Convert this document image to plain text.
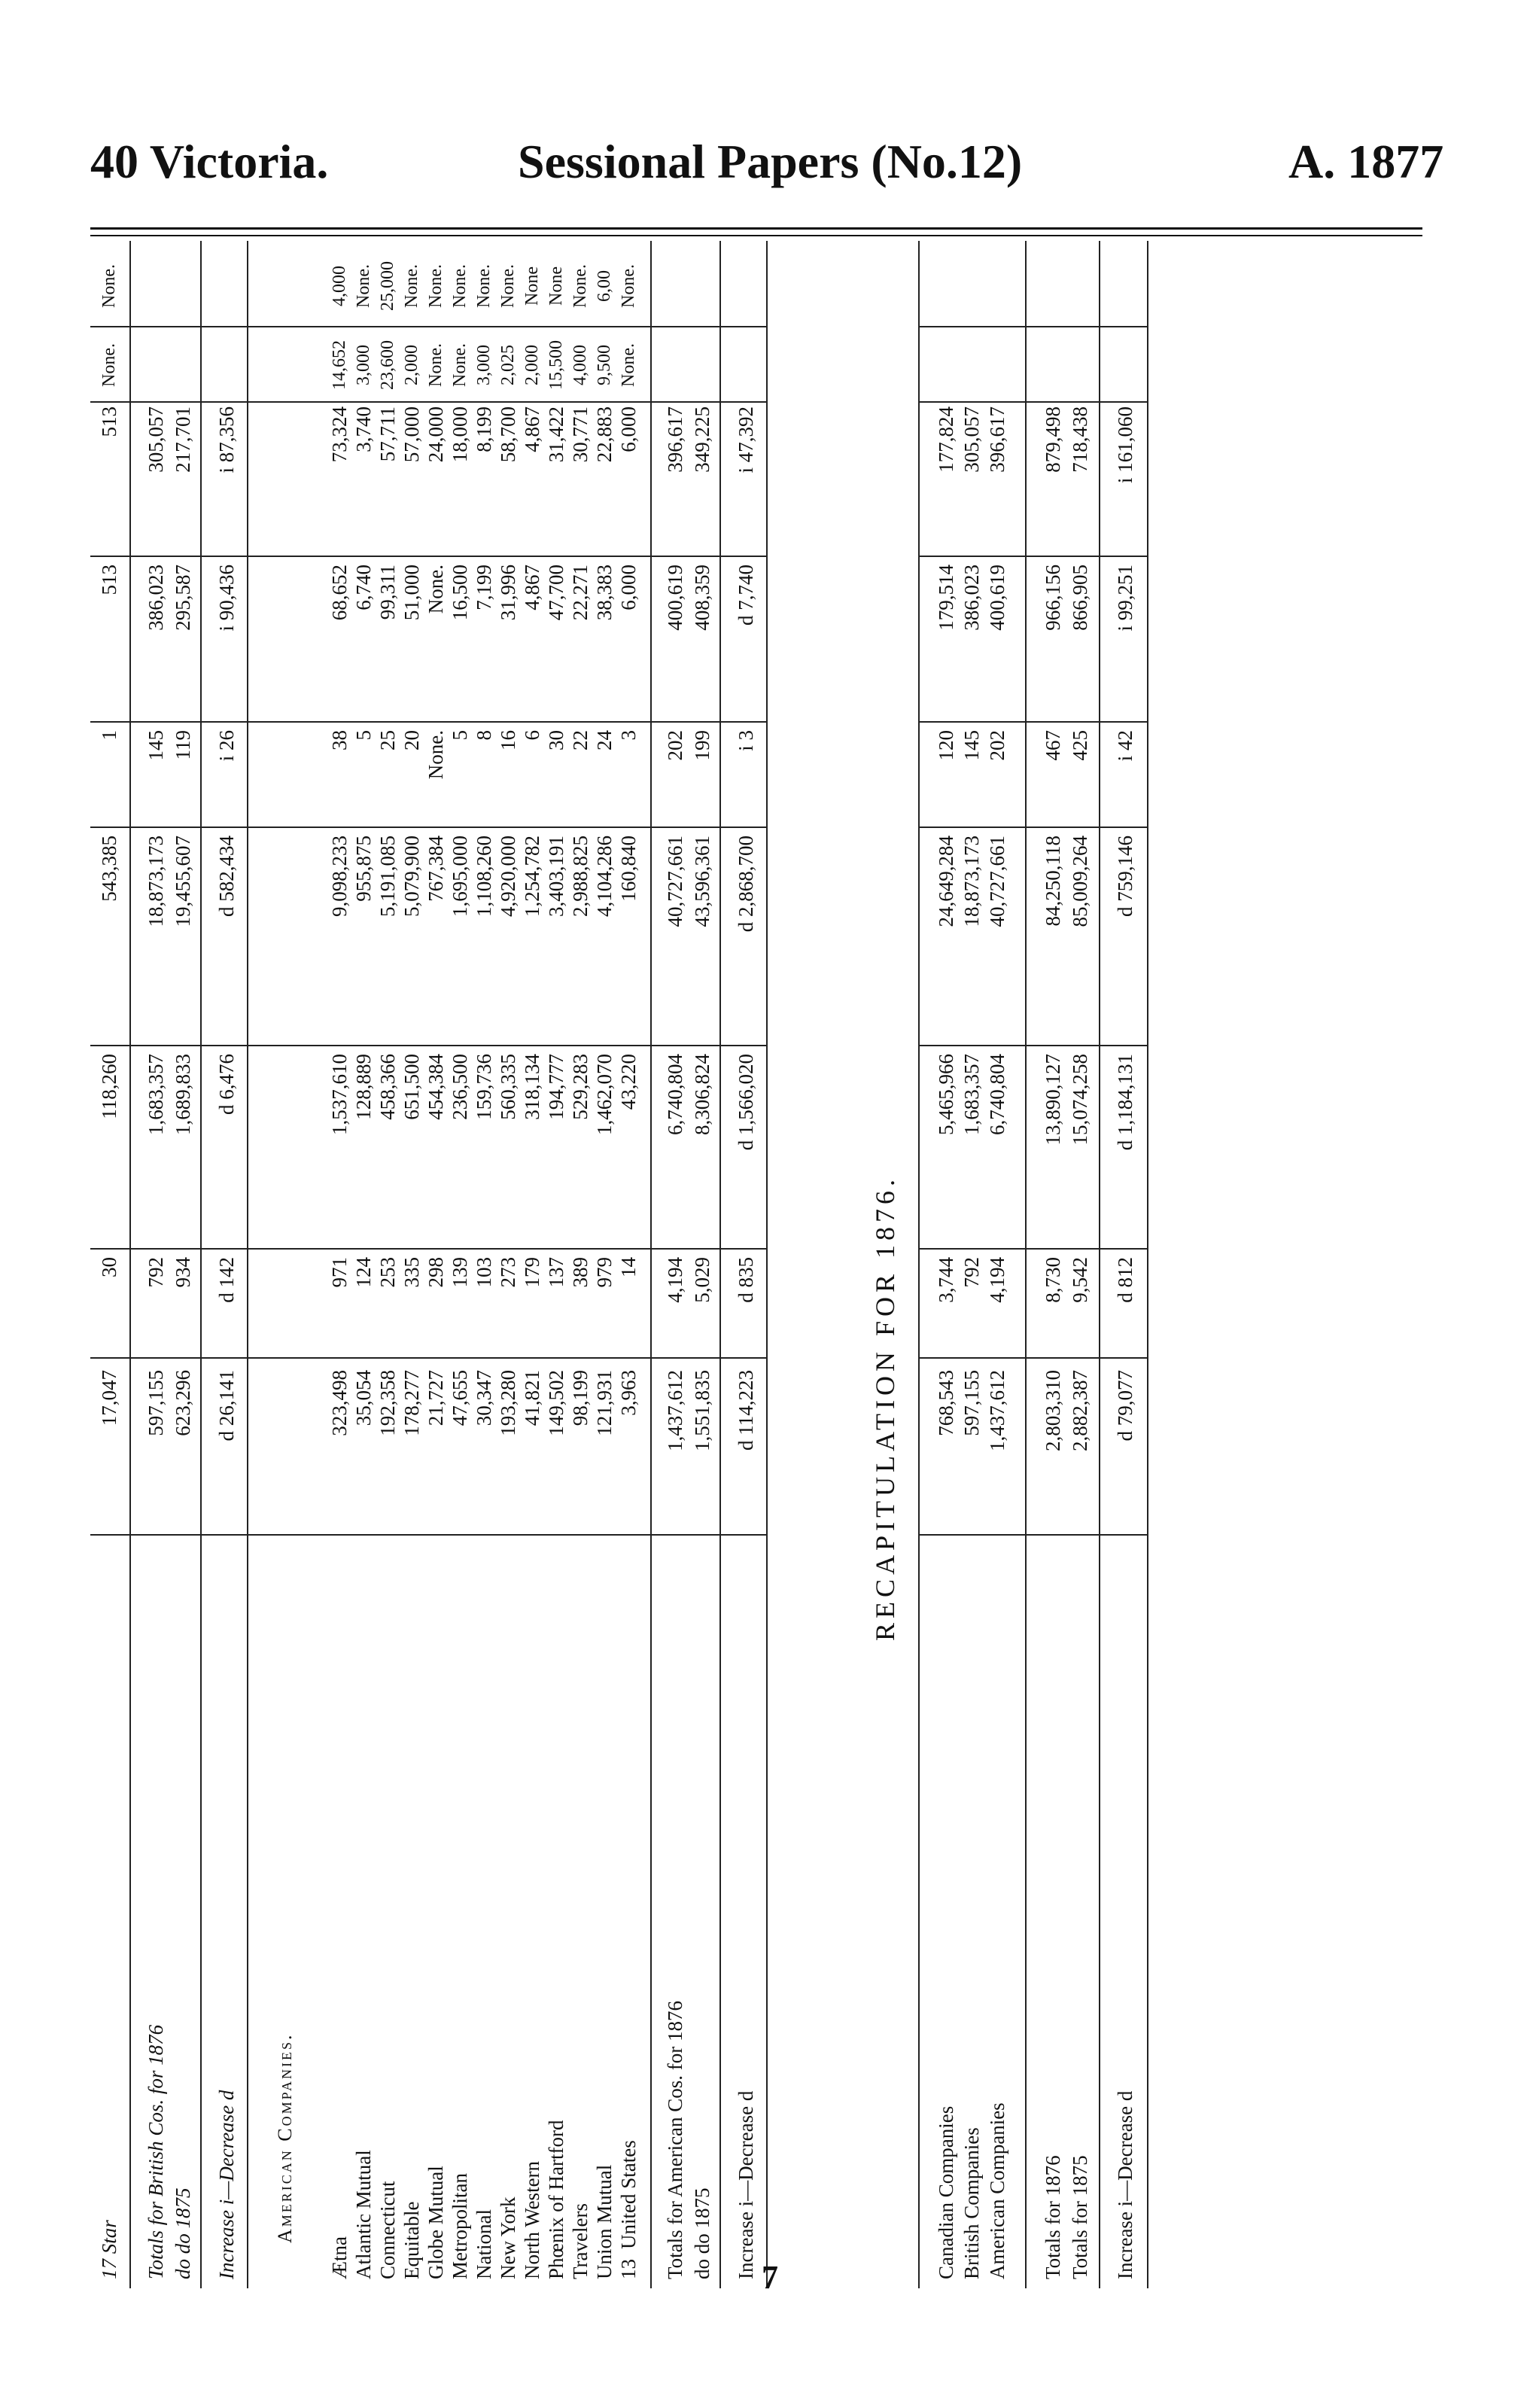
40 Victoria.	Sessional Papers (No.12)	A. 1877
17 Star
17,047
30
118,260
543,385
1
513
513
None.
None.
Totals for British Cos. for 1876
597,155
792
1,683,357
18,873,173
145
386,023
305,057
do do 1875
623,296
934
1,689,833
19,455,607
119
295,587
217,701
Increase i—Decrease d
d 26,141
d 142
d 6,476
d 582,434
i 26
i 90,436
i 87,356
American Companies.
Ætna
323,498
971
1,537,610
9,098,233
38
68,652
73,324
14,652
4,000
Atlantic Mutual
35,054
124
128,889
955,875
5
6,740
3,740
3,000
None.
Connecticut
192,358
253
458,366
5,191,085
25
99,311
57,711
23,600
25,000
Equitable
178,277
335
651,500
5,079,900
20
51,000
57,000
2,000
None.
Globe Mutual
21,727
298
454,384
767,384
None.
None.
24,000
None.
None.
Metropolitan
47,655
139
236,500
1,695,000
5
16,500
18,000
None.
None.
National
30,347
103
159,736
1,108,260
8
7,199
8,199
3,000
None.
New York
193,280
273
560,335
4,920,000
16
31,996
58,700
2,025
None.
North Western
41,821
179
318,134
1,254,782
6
4,867
4,867
2,000
None
Phœnix of Hartford
149,502
137
194,777
3,403,191
30
47,700
31,422
15,500
None
Travelers
98,199
389
529,283
2,988,825
22
22,271
30,771
4,000
None.
Union Mutual
121,931
979
1,462,070
4,104,286
24
38,383
22,883
9,500
6,00
13United States
3,963
14
43,220
160,840
3
6,000
6,000
None.
None.
Totals for American Cos. for 1876
1,437,612
4,194
6,740,804
40,727,661
202
400,619
396,617
do do 1875
1,551,835
5,029
8,306,824
43,596,361
199
408,359
349,225
Increase i—Decrease d
d 114,223
d 835
d 1,566,020
d 2,868,700
i 3
d 7,740
i 47,392
RECAPITULATION FOR 1876.
Canadian Companies
768,543
3,744
5,465,966
24,649,284
120
179,514
177,824
British Companies
597,155
792
1,683,357
18,873,173
145
386,023
305,057
American Companies
1,437,612
4,194
6,740,804
40,727,661
202
400,619
396,617
Totals for 1876
2,803,310
8,730
13,890,127
84,250,118
467
966,156
879,498
Totals for 1875
2,882,387
9,542
15,074,258
85,009,264
425
866,905
718,438
Increase i—Decrease d
d 79,077
d 812
d 1,184,131
d 759,146
i 42
i 99,251
i 161,060
7
